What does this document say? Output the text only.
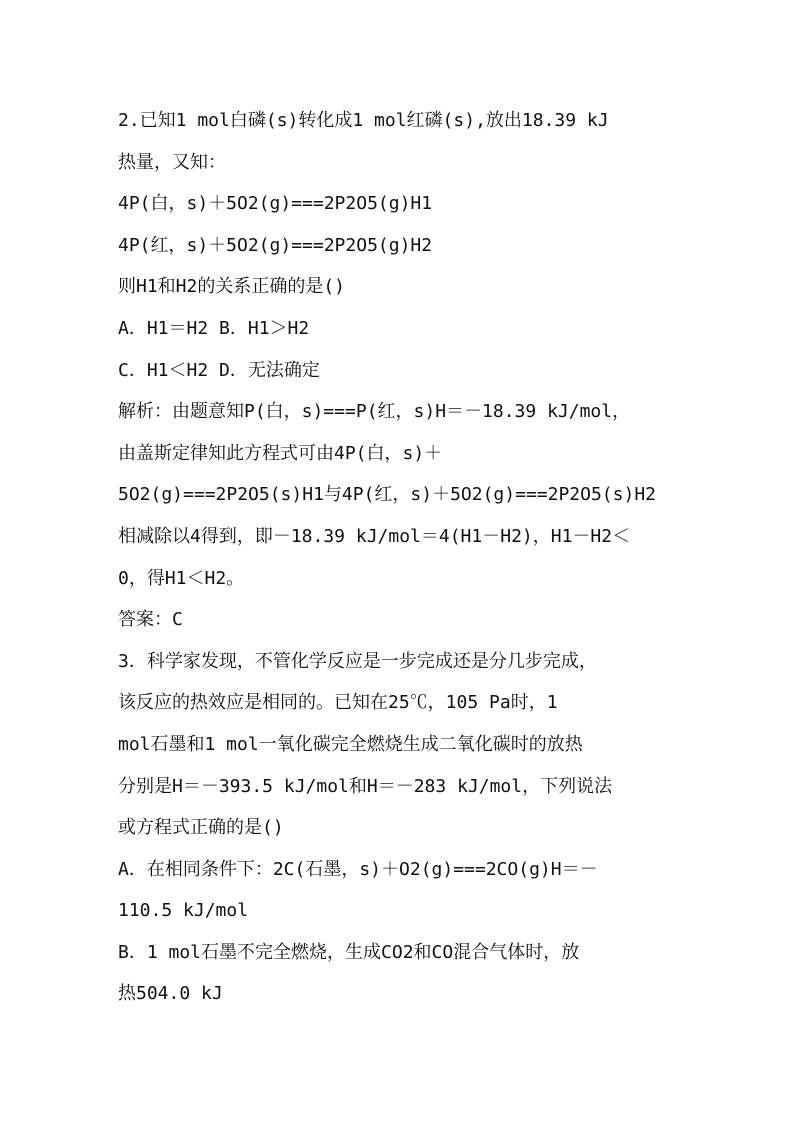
2.已知1 mol白磷(s)转化成1 mol红磷(s),放出18.39 kJ
热量，又知：
4P(白，s)＋5O2(g)===2P2O5(g)H1
4P(红，s)＋5O2(g)===2P2O5(g)H2
则H1和H2的关系正确的是()
A．H1＝H2 B．H1＞H2
C．H1＜H2 D．无法确定
解析：由题意知P(白，s)===P(红，s)H＝－18.39 kJ/mol，
由盖斯定律知此方程式可由4P(白，s)＋
5O2(g)===2P2O5(s)H1与4P(红，s)＋5O2(g)===2P2O5(s)H2
相减除以4得到，即－18.39 kJ/mol＝4(H1－H2)，H1－H2＜
0，得H1＜H2。
答案：C
3．科学家发现，不管化学反应是一步完成还是分几步完成，
该反应的热效应是相同的。已知在25℃，105 Pa时，1
mol石墨和1 mol一氧化碳完全燃烧生成二氧化碳时的放热
分别是H＝－393.5 kJ/mol和H＝－283 kJ/mol，下列说法
或方程式正确的是()
A．在相同条件下：2C(石墨，s)＋O2(g)===2CO(g)H＝－
110.5 kJ/mol
B．1 mol石墨不完全燃烧，生成CO2和CO混合气体时，放
热504.0 kJ
